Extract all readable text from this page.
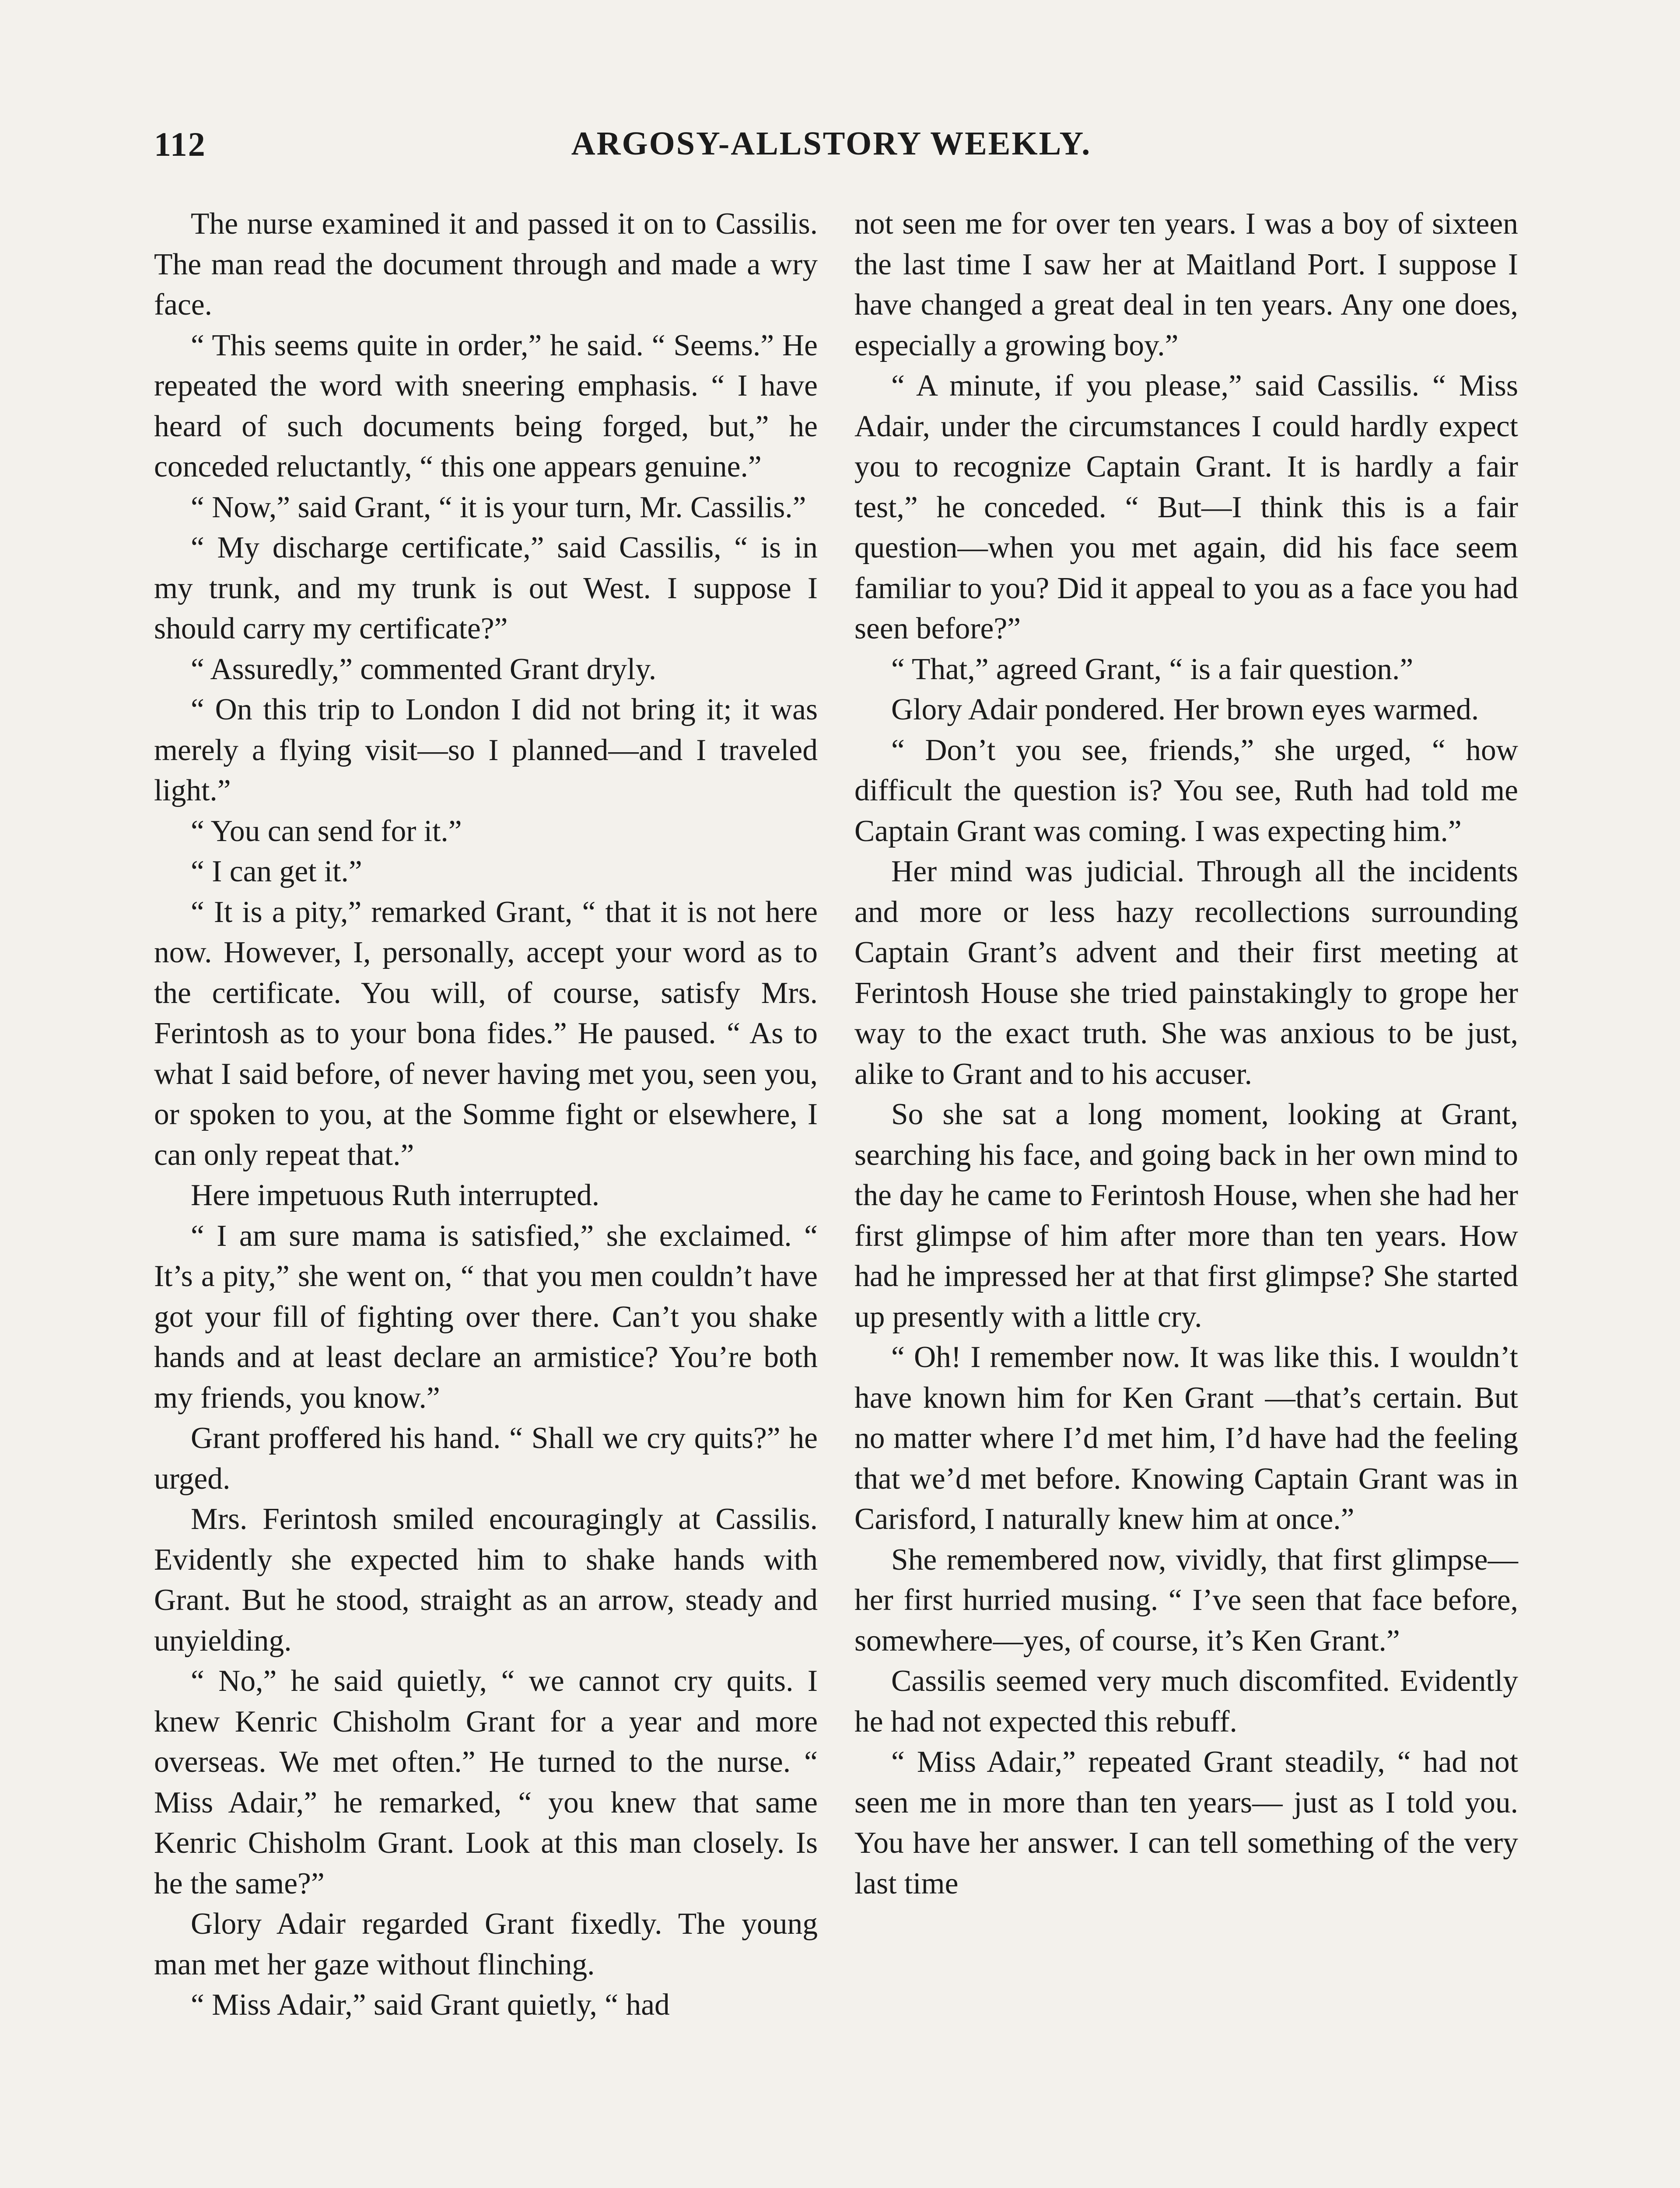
112	ARGOSY-ALLSTORY WEEKLY.

The nurse examined it and passed it on to Cassilis. The man read the document through and made a wry face.

“ This seems quite in order,” he said. “ Seems.” He repeated the word with sneering emphasis. “ I have heard of such documents being forged, but,” he conceded reluctantly, “ this one appears genuine.”

“ Now,” said Grant, “ it is your turn, Mr. Cassilis.”

“ My discharge certificate,” said Cassilis, “ is in my trunk, and my trunk is out West. I suppose I should carry my certificate?”

“ Assuredly,” commented Grant dryly.

“ On this trip to London I did not bring it; it was merely a flying visit—so I planned—and I traveled light.”

“ You can send for it.”

“ I can get it.”

“ It is a pity,” remarked Grant, “ that it is not here now. However, I, personally, accept your word as to the certificate. You will, of course, satisfy Mrs. Ferintosh as to your bona fides.” He paused. “ As to what I said before, of never having met you, seen you, or spoken to you, at the Somme fight or elsewhere, I can only repeat that.”

Here impetuous Ruth interrupted.

“ I am sure mama is satisfied,” she exclaimed. “ It’s a pity,” she went on, “ that you men couldn’t have got your fill of fighting over there. Can’t you shake hands and at least declare an armistice? You’re both my friends, you know.”

Grant proffered his hand. “ Shall we cry quits?” he urged.

Mrs. Ferintosh smiled encouragingly at Cassilis. Evidently she expected him to shake hands with Grant. But he stood, straight as an arrow, steady and unyielding.

“ No,” he said quietly, “ we cannot cry quits. I knew Kenric Chisholm Grant for a year and more overseas. We met often.” He turned to the nurse. “ Miss Adair,” he remarked, “ you knew that same Kenric Chisholm Grant. Look at this man closely. Is he the same?”

Glory Adair regarded Grant fixedly. The young man met her gaze without flinching.

“ Miss Adair,” said Grant quietly, “ had

not seen me for over ten years. I was a boy of sixteen the last time I saw her at Maitland Port. I suppose I have changed a great deal in ten years. Any one does, especially a growing boy.”

“ A minute, if you please,” said Cassilis. “ Miss Adair, under the circumstances I could hardly expect you to recognize Captain Grant. It is hardly a fair test,” he conceded. “ But—I think this is a fair question—when you met again, did his face seem familiar to you? Did it appeal to you as a face you had seen before?”

“ That,” agreed Grant, “ is a fair question.”

Glory Adair pondered. Her brown eyes warmed.

“ Don’t you see, friends,” she urged, “ how difficult the question is? You see, Ruth had told me Captain Grant was coming. I was expecting him.”

Her mind was judicial. Through all the incidents and more or less hazy recollections surrounding Captain Grant’s advent and their first meeting at Ferintosh House she tried painstakingly to grope her way to the exact truth. She was anxious to be just, alike to Grant and to his accuser.

So she sat a long moment, looking at Grant, searching his face, and going back in her own mind to the day he came to Ferintosh House, when she had her first glimpse of him after more than ten years. How had he impressed her at that first glimpse? She started up presently with a little cry.

“ Oh! I remember now. It was like this. I wouldn’t have known him for Ken Grant —that’s certain. But no matter where I’d met him, I’d have had the feeling that we’d met before. Knowing Captain Grant was in Carisford, I naturally knew him at once.”

She remembered now, vividly, that first glimpse—her first hurried musing. “ I’ve seen that face before, somewhere—yes, of course, it’s Ken Grant.”

Cassilis seemed very much discomfited. Evidently he had not expected this rebuff.

“ Miss Adair,” repeated Grant steadily, “ had not seen me in more than ten years— just as I told you. You have her answer. I can tell something of the very last time
